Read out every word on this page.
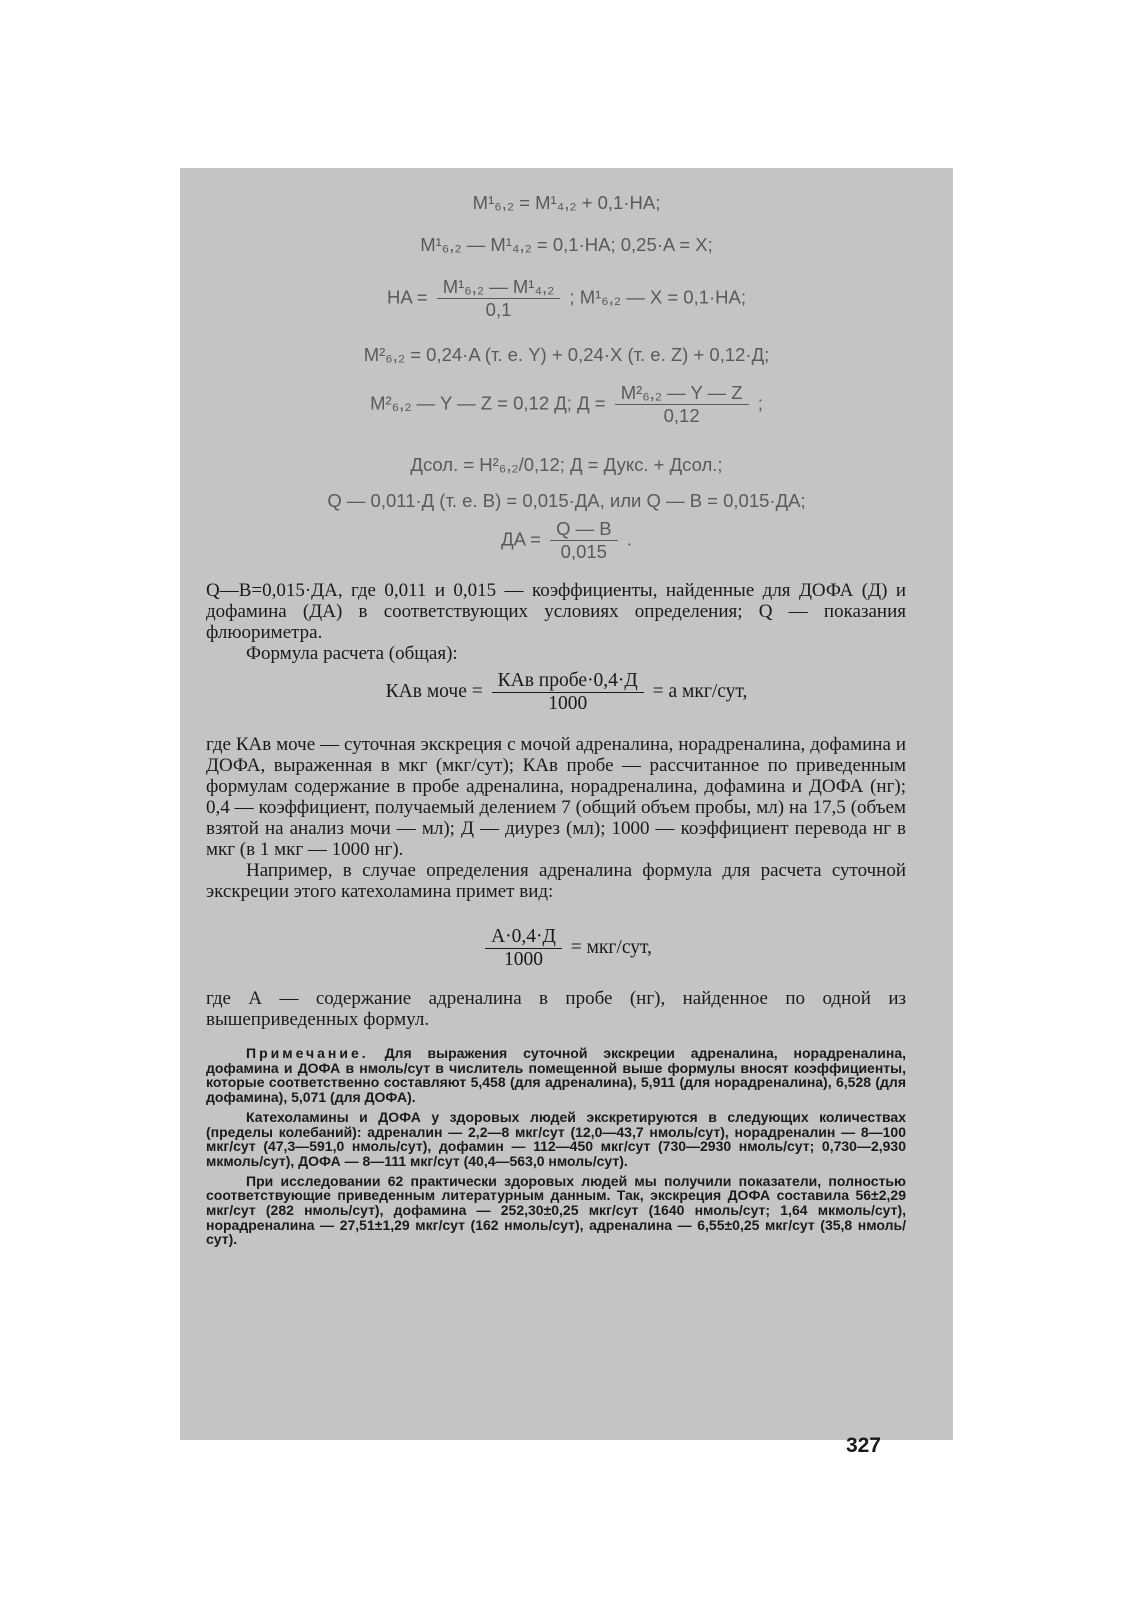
M¹₆,₂ = M¹₄,₂ + 0,1·HA;
M¹₆,₂ — M¹₄,₂ = 0,1·HA; 0,25·A = X;
HA = $\frac{\text{M¹₆,₂ — M¹₄,₂}}{0,1}$ ; M¹₆,₂ — X = 0,1·HA;
M²₆,₂ = 0,24·A (т. е. Y) + 0,24·X (т. е. Z) + 0,12·Д;
M²₆,₂ — Y — Z = 0,12 Д; $Д = \frac{\text{M²₆,₂ — Y — Z}}{0,12}$ ;
Дсол. = H²₆,₂/0,12; Д = Дукс. + Дсол.;
Q — 0,011·Д (т. е. B) = 0,015·ДA, или Q — B = 0,015·ДA;
ДA = $\frac{Q — B}{0,015}$ .

Q—B=0,015·ДА, где 0,011 и 0,015 — коэффициенты, найденные для ДОФА (Д) и дофамина (ДА) в соответствующих условиях определения; Q — показания флюориметра.

Формула расчета (общая):

КАв моче = $\frac{\text{КАв пробе·0,4·Д}}{1000} = а$ мкг/сут,

где КАв моче — суточная экскреция с мочой адреналина, норадреналина, дофамина и ДОФА, выраженная в мкг (мкг/сут); КАв пробе — рассчитанное по приведенным формулам содержание в пробе адреналина, норадреналина, дофамина и ДОФА (нг); 0,4 — коэффициент, получаемый делением 7 (общий объем пробы, мл) на 17,5 (объем взятой на анализ мочи — мл); Д — диурез (мл); 1000 — коэффициент перевода нг в мкг (в 1 мкг — 1000 нг).

Например, в случае определения адреналина формула для расчета суточной экскреции этого катехоламина примет вид:

$\frac{A\cdot 0,4\cdot Д}{1000} = мкг/сут$,

где А — содержание адреналина в пробе (нг), найденное по одной из вышеприведенных формул.

Примечание. Для выражения суточной экскреции адреналина, норадреналина, дофамина и ДОФА в нмоль/сут в числитель помещенной выше формулы вносят коэффициенты, которые соответственно составляют 5,458 (для адреналина), 5,911 (для норадреналина), 6,528 (для дофамина), 5,071 (для ДОФА).

Катехоламины и ДОФА у здоровых людей экскретируются в следующих количествах (пределы колебаний): адреналин — 2,2—8 мкг/сут (12,0—43,7 нмоль/сут), норадреналин — 8—100 мкг/сут (47,3—591,0 нмоль/сут), дофамин — 112—450 мкг/сут (730—2930 нмоль/сут; 0,730—2,930 мкмоль/сут), ДОФА — 8—111 мкг/сут (40,4—563,0 нмоль/сут).

При исследовании 62 практически здоровых людей мы получили показатели, полностью соответствующие приведенным литературным данным. Так, экскреция ДОФА составила 56±2,29 мкг/сут (282 нмоль/сут), дофамина — 252,30±0,25 мкг/сут (1640 нмоль/сут; 1,64 мкмоль/сут), норадреналина — 27,51±1,29 мкг/сут (162 нмоль/сут), адреналина — 6,55±0,25 мкг/сут (35,8 нмоль/сут).

327
